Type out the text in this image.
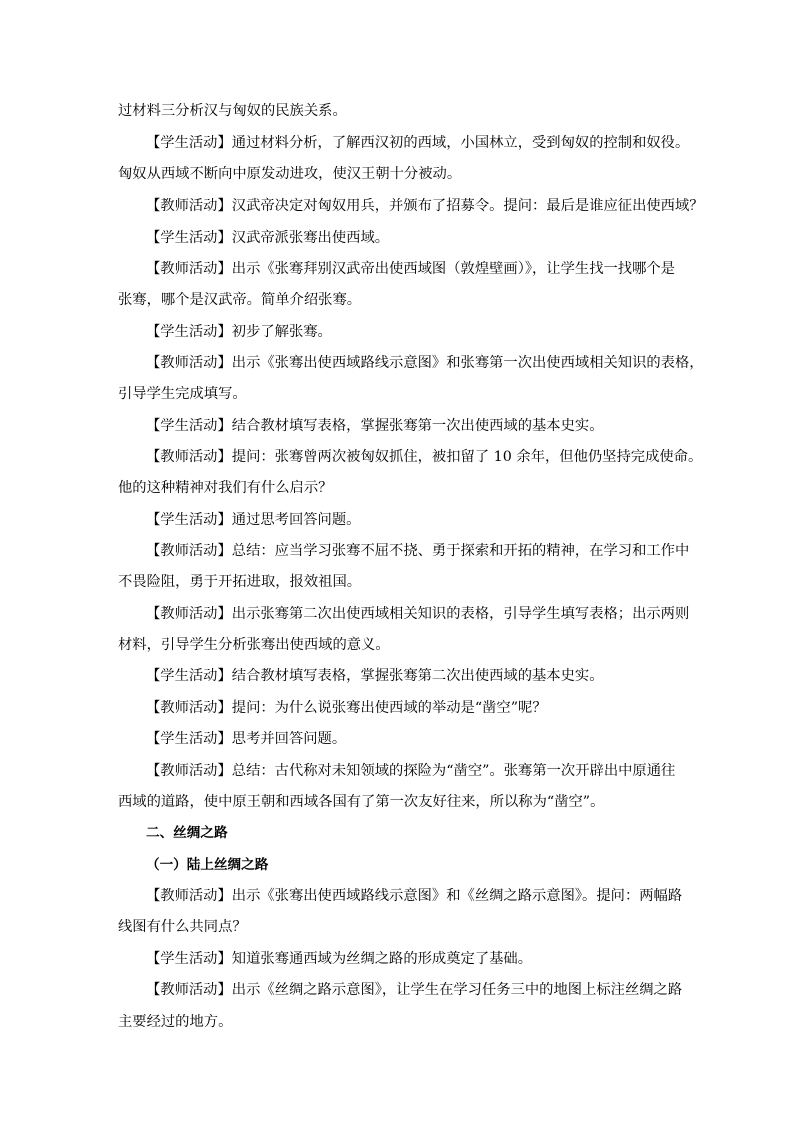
过材料三分析汉与匈奴的民族关系。
【学生活动】通过材料分析，了解西汉初的西域，小国林立，受到匈奴的控制和奴役。
匈奴从西域不断向中原发动进攻，使汉王朝十分被动。
【教师活动】汉武帝决定对匈奴用兵，并颁布了招募令。提问：最后是谁应征出使西域？
【学生活动】汉武帝派张骞出使西域。
【教师活动】出示《张骞拜别汉武帝出使西域图（敦煌壁画）》，让学生找一找哪个是
张骞，哪个是汉武帝。简单介绍张骞。
【学生活动】初步了解张骞。
【教师活动】出示《张骞出使西域路线示意图》和张骞第一次出使西域相关知识的表格，
引导学生完成填写。
【学生活动】结合教材填写表格，掌握张骞第一次出使西域的基本史实。
【教师活动】提问：张骞曾两次被匈奴抓住，被扣留了 10 余年，但他仍坚持完成使命。
他的这种精神对我们有什么启示？
【学生活动】通过思考回答问题。
【教师活动】总结：应当学习张骞不屈不挠、勇于探索和开拓的精神，在学习和工作中
不畏险阻，勇于开拓进取，报效祖国。
【教师活动】出示张骞第二次出使西域相关知识的表格，引导学生填写表格；出示两则
材料，引导学生分析张骞出使西域的意义。
【学生活动】结合教材填写表格，掌握张骞第二次出使西域的基本史实。
【教师活动】提问：为什么说张骞出使西域的举动是“凿空”呢？
【学生活动】思考并回答问题。
【教师活动】总结：古代称对未知领域的探险为“凿空”。张骞第一次开辟出中原通往
西域的道路，使中原王朝和西域各国有了第一次友好往来，所以称为“凿空”。
二、丝绸之路
（一）陆上丝绸之路
【教师活动】出示《张骞出使西域路线示意图》和《丝绸之路示意图》。提问：两幅路
线图有什么共同点？
【学生活动】知道张骞通西域为丝绸之路的形成奠定了基础。
【教师活动】出示《丝绸之路示意图》，让学生在学习任务三中的地图上标注丝绸之路
主要经过的地方。
